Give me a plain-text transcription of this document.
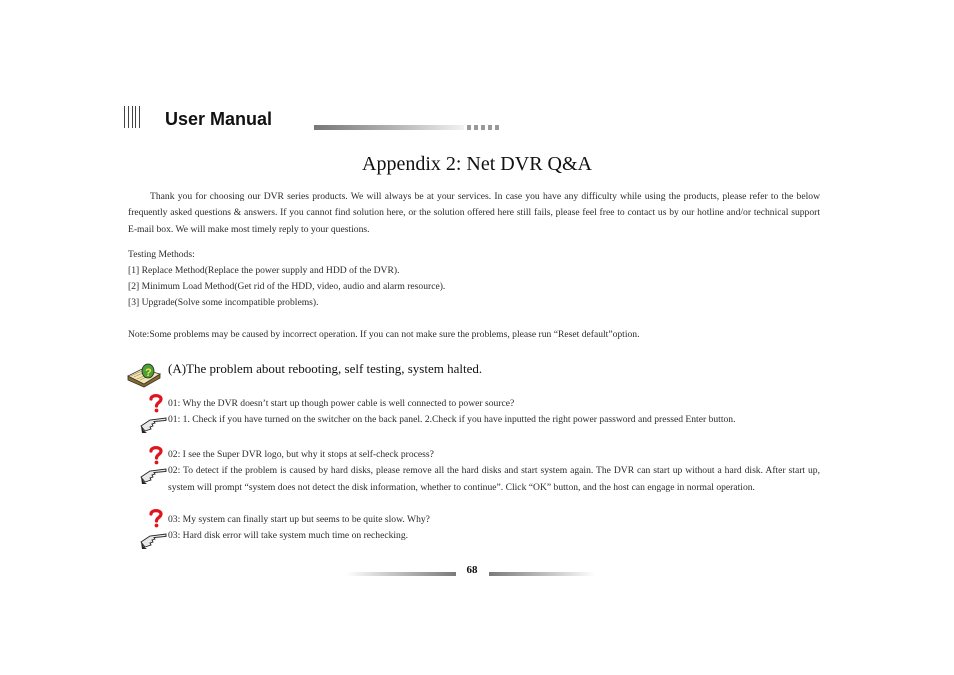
User Manual
Appendix 2: Net DVR Q&A
Thank you for choosing our DVR series products. We will always be at your services. In case you have any difficulty while using the products, please refer to the below frequently asked questions & answers. If you cannot find solution here, or the solution offered here still fails, please feel free to contact us by our hotline and/or technical support E-mail box. We will make most timely reply to your questions.
Testing Methods:
[1] Replace Method(Replace the power supply and HDD of the DVR).
[2] Minimum Load Method(Get rid of the HDD, video, audio and alarm resource).
[3] Upgrade(Solve some incompatible problems).
Note:Some problems may be caused by incorrect operation. If you can not make sure the problems, please run “Reset default”option.
? (A)The problem about rebooting, self testing, system halted.
01: Why the DVR doesn’t start up though power cable is well connected to power source?
01: 1. Check if you have turned on the switcher on the back panel. 2.Check if you have inputted the right power password and pressed Enter button.
02: I see the Super DVR logo, but why it stops at self-check process?
02: To detect if the problem is caused by hard disks, please remove all the hard disks and start system again. The DVR can start up without a hard disk. After start up, system will prompt “system does not detect the disk information, whether to continue”. Click “OK” button, and the host can engage in normal operation.
03: My system can finally start up but seems to be quite slow. Why?
03: Hard disk error will take system much time on rechecking.
68
